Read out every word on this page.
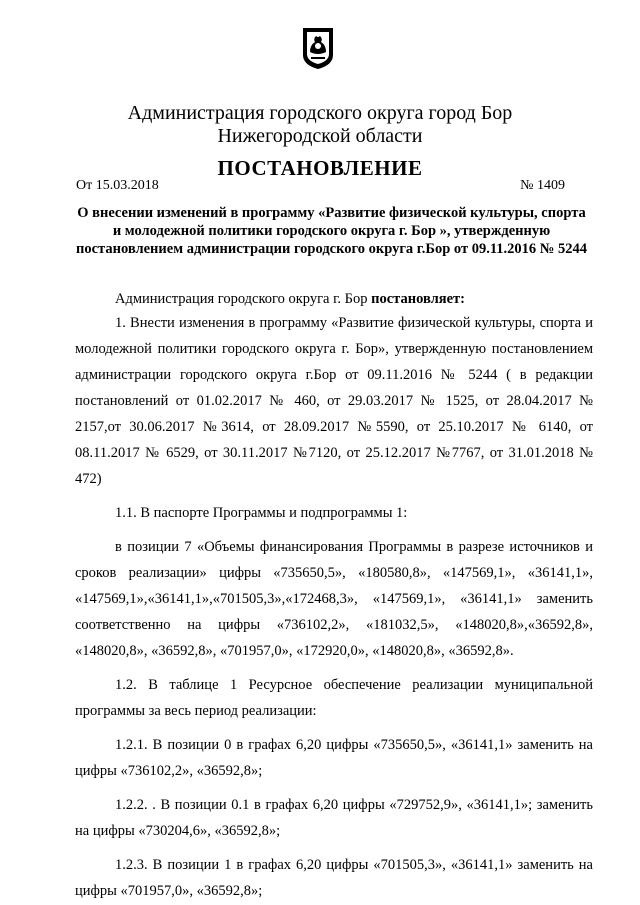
Администрация городского округа город Бор
Нижегородской области
ПОСТАНОВЛЕНИЕ
От 15.03.2018	№ 1409
О внесении изменений в программу «Развитие физической культуры, спорта и молодежной политики городского округа г. Бор », утвержденную постановлением администрации городского округа г.Бор от 09.11.2016 № 5244

Администрация городского округа г. Бор постановляет:

1. Внести изменения в программу «Развитие физической культуры, спорта и молодежной политики городского округа г. Бор», утвержденную постановлением администрации городского округа г.Бор от 09.11.2016 № 5244 ( в редакции постановлений от 01.02.2017 № 460, от 29.03.2017 № 1525, от 28.04.2017 № 2157,от 30.06.2017 №3614, от 28.09.2017 №5590, от 25.10.2017 № 6140, от 08.11.2017 № 6529, от 30.11.2017 №7120, от 25.12.2017 №7767, от 31.01.2018 № 472)

1.1. В паспорте Программы и подпрограммы 1:

в позиции 7 «Объемы финансирования Программы в разрезе источников и сроков реализации» цифры «735650,5», «180580,8», «147569,1», «36141,1», «147569,1»,«36141,1»,«701505,3»,«172468,3», «147569,1», «36141,1» заменить соответственно на цифры «736102,2», «181032,5», «148020,8»,«36592,8», «148020,8», «36592,8», «701957,0», «172920,0», «148020,8», «36592,8».

1.2. В таблице 1 Ресурсное обеспечение реализации муниципальной программы за весь период реализации:

1.2.1. В позиции 0 в графах 6,20 цифры «735650,5», «36141,1» заменить на цифры «736102,2», «36592,8»;

1.2.2. . В позиции 0.1 в графах 6,20 цифры «729752,9», «36141,1»; заменить на цифры «730204,6», «36592,8»;

1.2.3. В позиции 1 в графах 6,20 цифры «701505,3», «36141,1» заменить на цифры «701957,0», «36592,8»;
